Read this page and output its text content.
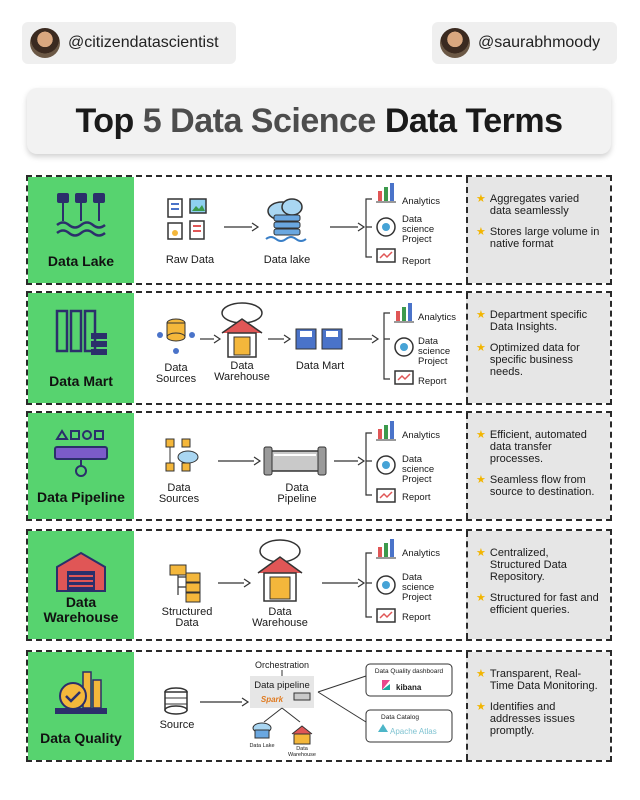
@citizendatascientist	@saurabhmoody
Top 5 Data Science Data Terms
Data Lake	Raw Data	Data lake
Analytics
Data science Project
Report
★ Aggregates varied data seamlessly
★ Stores large volume in native format
Data Mart
Data Sources
Data Warehouse
Data Mart
Analytics
Data science Project
Report
★ Department specific Data Insights.
★ Optimized data for specific business needs.
Data Pipeline
Data Sources
Data Pipeline
Analytics
Data science Project
Report
★ Efficient, automated data transfer processes.
★ Seamless flow from source to destination.
Data Warehouse	Structured Data
Data Warehouse
Analytics
Data science Project
Report
★ Centralized, Structured Data Repository.
★ Structured for fast and efficient queries.
Data Quality
Source
Orchestration
Data pipeline
Spark
Data Lake	Data Warehouse
Data Quality dashboard
kibana
Data Catalog
Apache Atlas
★ Transparent, Real-Time Data Monitoring.
★ Identifies and addresses issues promptly.
